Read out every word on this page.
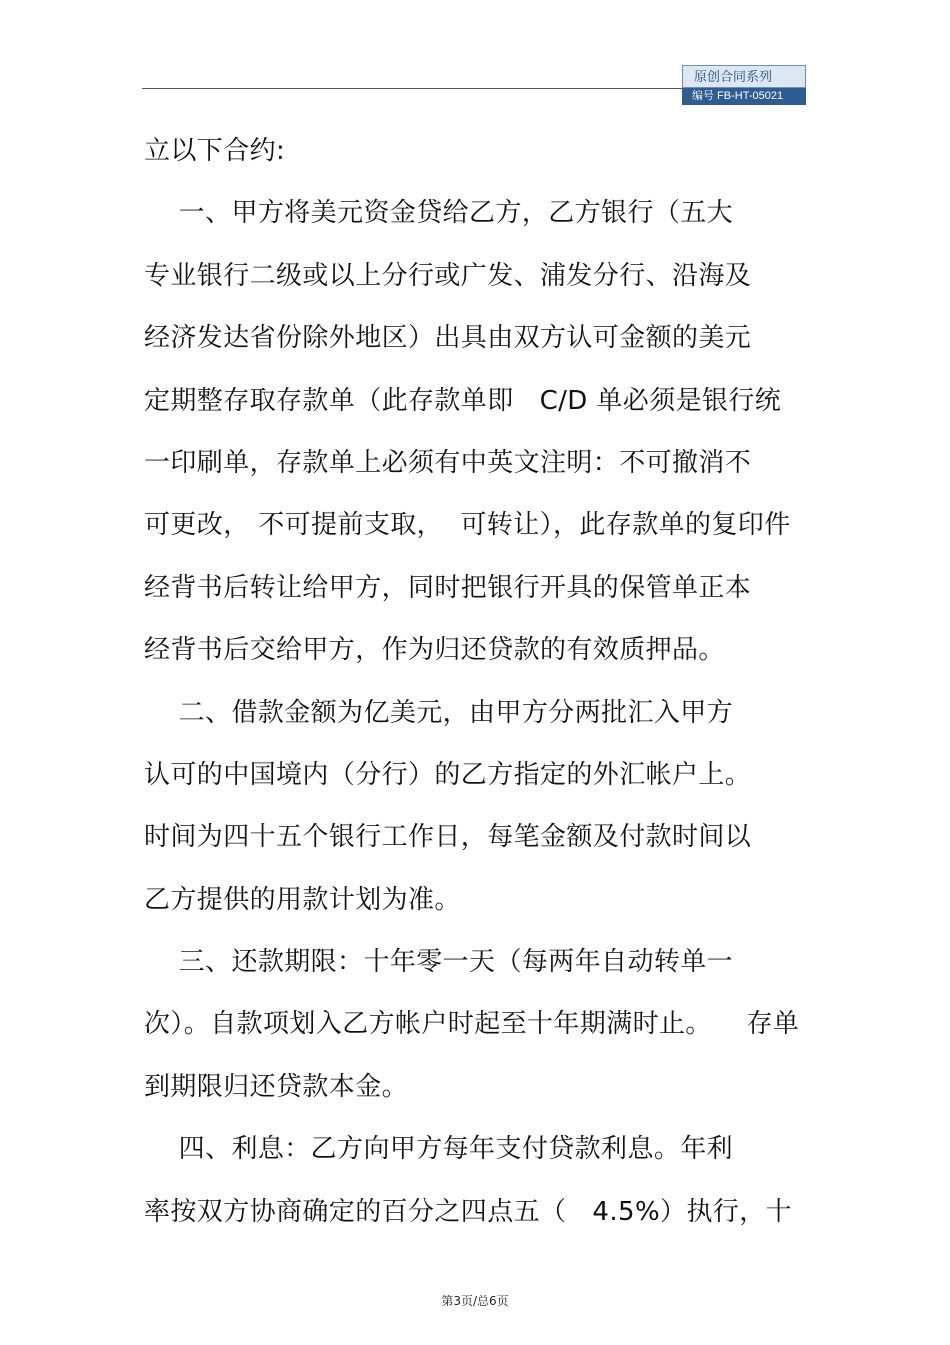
原创合同系列
编号 FB-HT-05021
立以下合约:
一、甲方将美元资金贷给乙方，乙方银行（五大
专业银行二级或以上分行或广发、浦发分行、沿海及
经济发达省份除外地区）出具由双方认可金额的美元
定期整存取存款单（此存款单即   C/D 单必须是银行统
一印刷单，存款单上必须有中英文注明：不可撤消不
可更改， 不可提前支取，  可转让），此存款单的复印件
经背书后转让给甲方，同时把银行开具的保管单正本
经背书后交给甲方，作为归还贷款的有效质押品。
二、借款金额为亿美元，由甲方分两批汇入甲方
认可的中国境内（分行）的乙方指定的外汇帐户上。
时间为四十五个银行工作日，每笔金额及付款时间以
乙方提供的用款计划为准。
三、还款期限：十年零一天（每两年自动转单一
次）。自款项划入乙方帐户时起至十年期满时止。    存单
到期限归还贷款本金。
四、利息：乙方向甲方每年支付贷款利息。年利
率按双方协商确定的百分之四点五（   4.5%）执行，十
第3页/总6页
